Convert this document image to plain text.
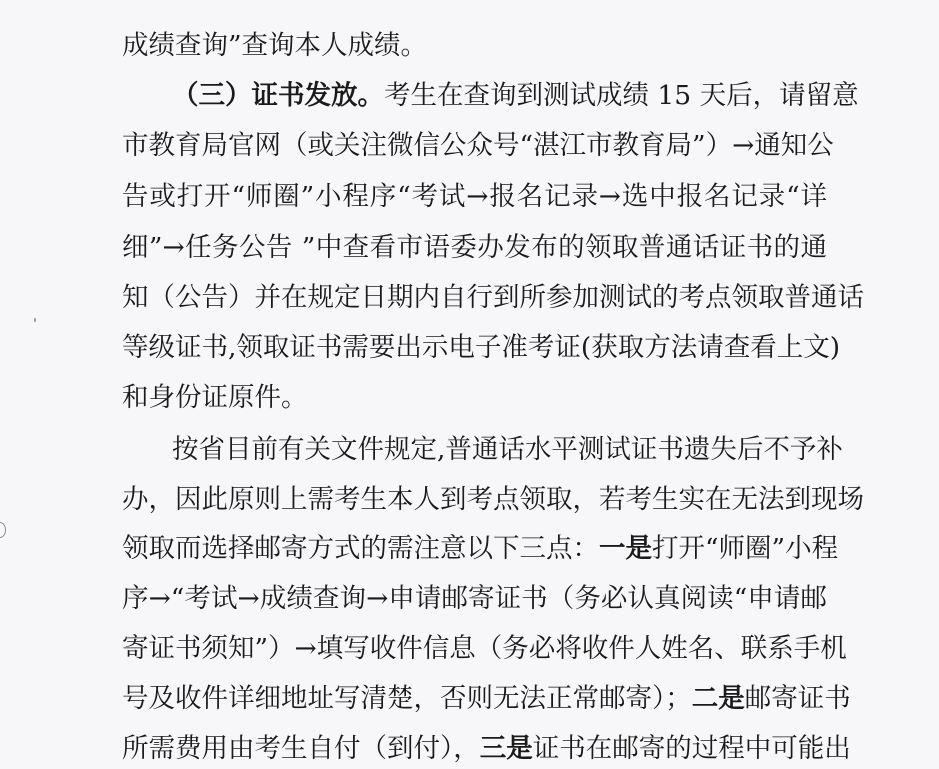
成绩查询”查询本人成绩。
（三）证书发放。考生在查询到测试成绩 15 天后，请留意
市教育局官网（或关注微信公众号“湛江市教育局”）→通知公
告或打开“师圈”小程序“考试→报名记录→选中报名记录“详
细”→任务公告 ”中查看市语委办发布的领取普通话证书的通
知（公告）并在规定日期内自行到所参加测试的考点领取普通话
等级证书,领取证书需要出示电子准考证(获取方法请查看上文)
和身份证原件。
按省目前有关文件规定,普通话水平测试证书遗失后不予补
办，因此原则上需考生本人到考点领取，若考生实在无法到现场
领取而选择邮寄方式的需注意以下三点：一是打开“师圈”小程
序→“考试→成绩查询→申请邮寄证书（务必认真阅读“申请邮
寄证书须知”）→填写收件信息（务必将收件人姓名、联系手机
号及收件详细地址写清楚，否则无法正常邮寄）；二是邮寄证书
所需费用由考生自付（到付），三是证书在邮寄的过程中可能出
